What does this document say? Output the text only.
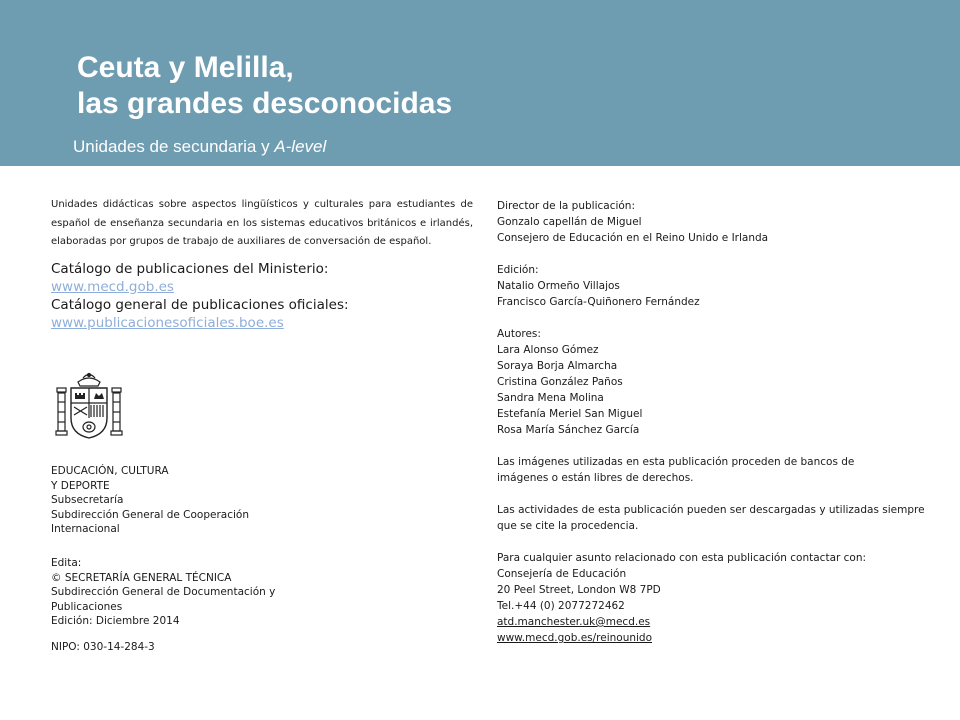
Ceuta y Melilla,
las grandes desconocidas
Unidades de secundaria y A-level

Unidades didácticas sobre aspectos lingüísticos y culturales para estudiantes de español de enseñanza secundaria en los sistemas educativos británicos e irlandés, elaboradas por grupos de trabajo de auxiliares de conversación de español.

Catálogo de publicaciones del Ministerio:
www.mecd.gob.es
Catálogo general de publicaciones oficiales:
www.publicacionesoficiales.boe.es
EDUCACIÓN, CULTURA
Y DEPORTE
Subsecretaría
Subdirección General de Cooperación
Internacional
Edita:
© SECRETARÍA GENERAL TÉCNICA
Subdirección General de Documentación y
Publicaciones
Edición: Diciembre 2014
NIPO: 030-14-284-3
Director de la publicación:
Gonzalo capellán de Miguel
Consejero de Educación en el Reino Unido e Irlanda
Edición:
Natalio Ormeño Villajos
Francisco García-Quiñonero Fernández
Autores:
Lara Alonso Gómez
Soraya Borja Almarcha
Cristina González Paños
Sandra Mena Molina
Estefanía Meriel San Miguel
Rosa María Sánchez García
Las imágenes utilizadas en esta publicación proceden de bancos de
imágenes o están libres de derechos.
Las actividades de esta publicación pueden ser descargadas y utilizadas siempre
que se cite la procedencia.
Para cualquier asunto relacionado con esta publicación contactar con:
Consejería de Educación
20 Peel Street, London W8 7PD
Tel.+44 (0) 2077272462
atd.manchester.uk@mecd.es
www.mecd.gob.es/reinounido
